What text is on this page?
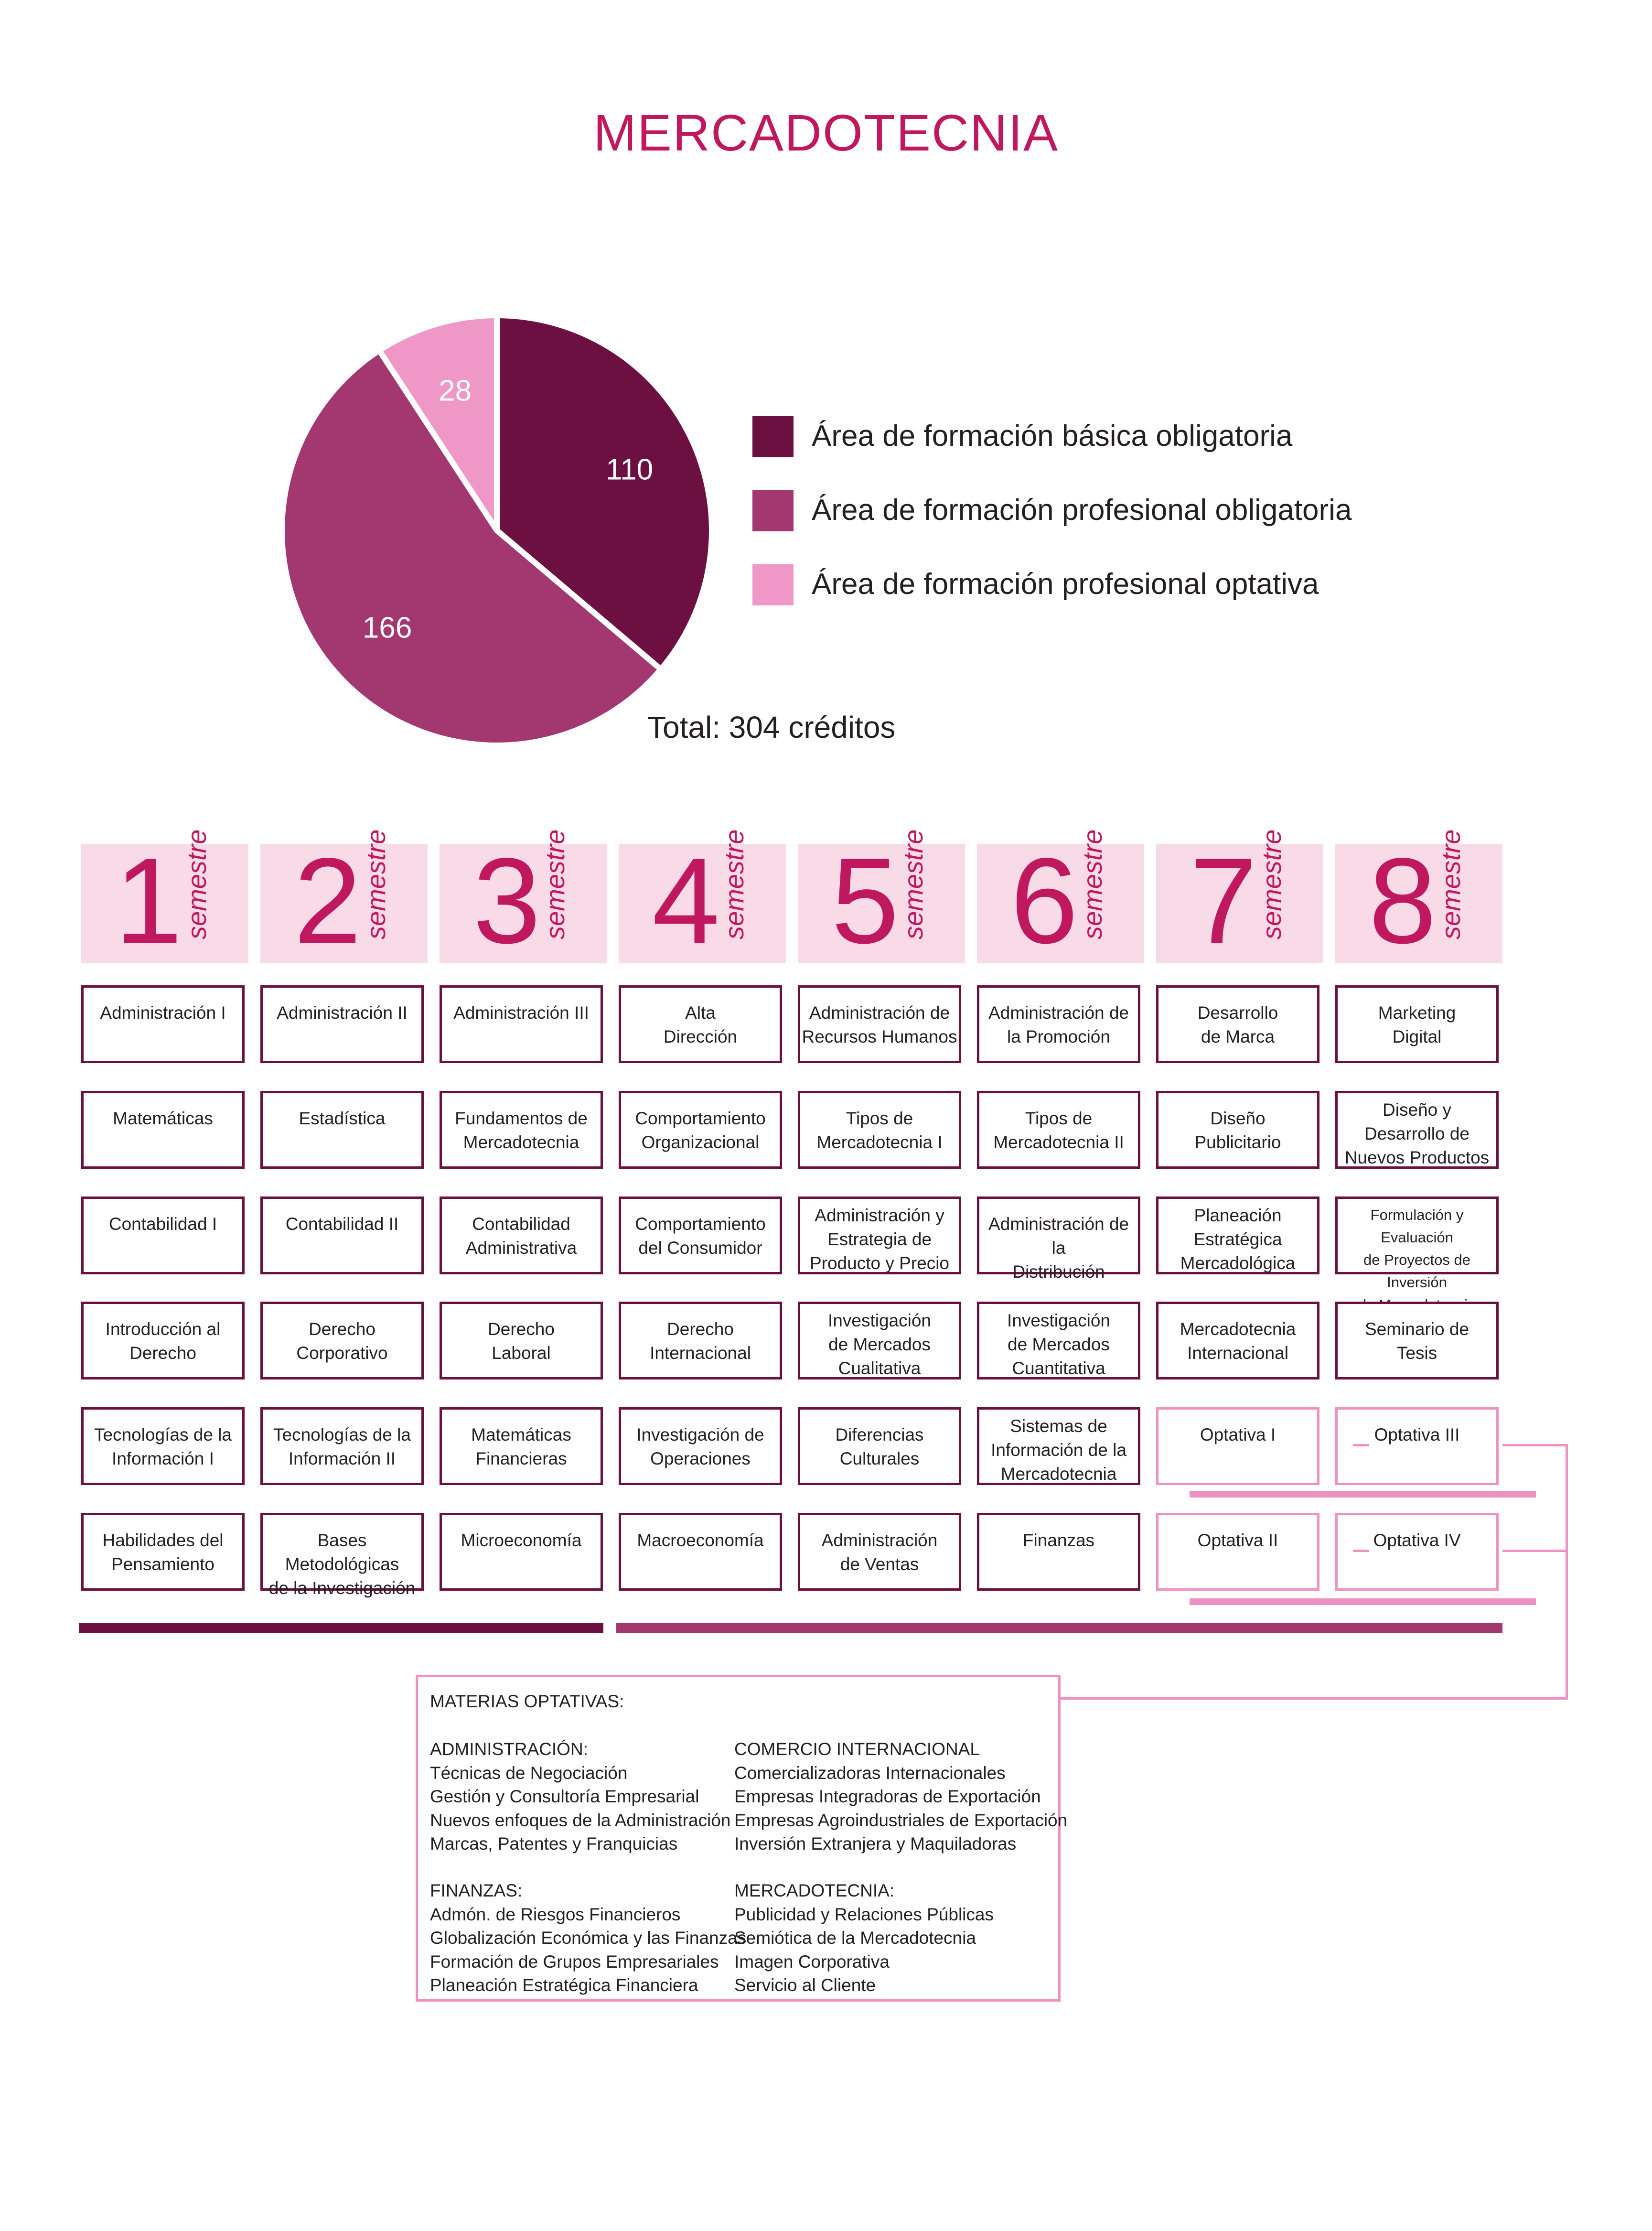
MERCADOTECNIA
110
166
28
Área de formación básica obligatoria
Área de formación profesional obligatoria
Área de formación profesional optativa
Total: 304 créditos
1
semestre
Administración I
Matemáticas
Contabilidad I
Introducción al
Derecho
Tecnologías de la
Información I
Habilidades del
Pensamiento
2
semestre
Administración II
Estadística
Contabilidad II
Derecho
Corporativo
Tecnologías de la
Información II
Bases Metodológicas
de la Investigación
3
semestre
Administración III
Fundamentos de
Mercadotecnia
Contabilidad
Administrativa
Derecho
Laboral
Matemáticas
Financieras
Microeconomía
4
semestre
Alta
Dirección
Comportamiento
Organizacional
Comportamiento
del Consumidor
Derecho
Internacional
Investigación de
Operaciones
Macroeconomía
5
semestre
Administración de
Recursos Humanos
Tipos de
Mercadotecnia I
Administración y
Estrategia de
Producto y Precio
Investigación
de Mercados
Cualitativa
Diferencias
Culturales
Administración
de Ventas
6
semestre
Administración de
la Promoción
Tipos de
Mercadotecnia II
Administración de la
Distribución
Investigación
de Mercados
Cuantitativa
Sistemas de
Información de la
Mercadotecnia
Finanzas
7
semestre
Desarrollo
de Marca
Diseño
Publicitario
Planeación
Estratégica
Mercadológica
Mercadotecnia
Internacional
Optativa I
Optativa II
8
semestre
Marketing
Digital
Diseño y
Desarrollo de
Nuevos Productos
Formulación y Evaluación
de Proyectos de Inversión

Seminario de
Tesis
Optativa III
Optativa IV
MATERIAS OPTATIVAS:
ADMINISTRACIÓN:
Técnicas de Negociación
Gestión y Consultoría Empresarial
Nuevos enfoques de la Administración
Marcas, Patentes y Franquicias
COMERCIO INTERNACIONAL
Comercializadoras Internacionales
Empresas Integradoras de Exportación
Empresas Agroindustriales de Exportación
Inversión Extranjera y Maquiladoras
FINANZAS:
Admón. de Riesgos Financieros
Globalización Económica y las Finanzas
Formación de Grupos Empresariales
Planeación Estratégica Financiera
MERCADOTECNIA:
Publicidad y Relaciones Públicas
Semiótica de la Mercadotecnia
Imagen Corporativa
Servicio al Cliente
